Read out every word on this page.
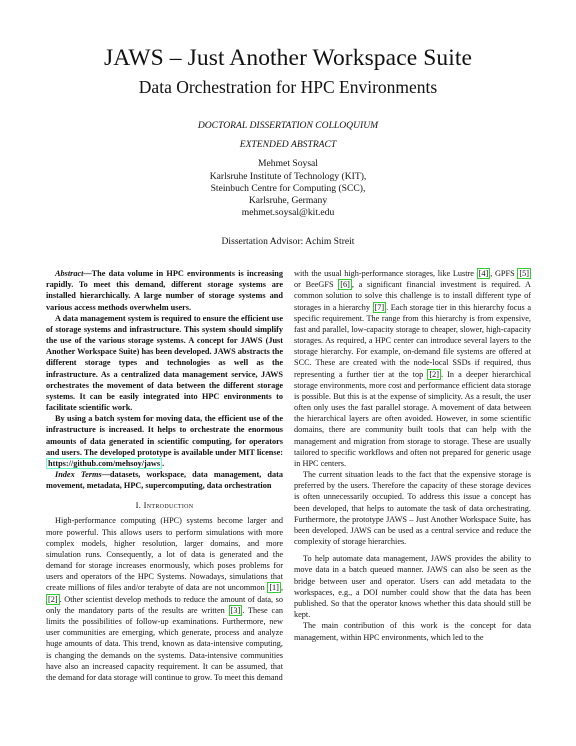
JAWS – Just Another Workspace Suite
Data Orchestration for HPC Environments
DOCTORAL DISSERTATION COLLOQUIUM
EXTENDED ABSTRACT
Mehmet Soysal
Karlsruhe Institute of Technology (KIT),
Steinbuch Centre for Computing (SCC),
Karlsruhe, Germany
mehmet.soysal@kit.edu
Dissertation Advisor: Achim Streit

Abstract—The data volume in HPC environments is increasing rapidly. To meet this demand, different storage systems are installed hierarchically. A large number of storage systems and various access methods overwhelm users.

A data management system is required to ensure the efficient use of storage systems and infrastructure. This system should simplify the use of the various storage systems. A concept for JAWS (Just Another Workspace Suite) has been developed. JAWS abstracts the different storage types and technologies as well as the infrastructure. As a centralized data management service, JAWS orchestrates the movement of data between the different storage systems. It can be easily integrated into HPC environments to facilitate scientific work.

By using a batch system for moving data, the efficient use of the infrastructure is increased. It helps to orchestrate the enormous amounts of data generated in scientific computing, for operators and users. The developed prototype is available under MIT license: https://github.com/mehsoy/jaws .

Index Terms—datasets, workspace, data management, data movement, metadata, HPC, supercomputing, data orchestration

I. Introduction

High-performance computing (HPC) systems become larger and more powerful. This allows users to perform simulations with more complex models, higher resolution, larger domains, and more simulation runs. Consequently, a lot of data is generated and the demand for storage increases enormously, which poses problems for users and operators of the HPC Systems. Nowadays, simulations that create millions of files and/or terabyte of data are not uncommon [1] , [2] . Other scientist develop methods to reduce the amount of data, so only the mandatory parts of the results are written [3] . These can limits the possibilities of follow-up examinations. Furthermore, new user communities are emerging, which generate, process and analyze huge amounts of data. This trend, known as data-intensive computing, is changing the demands on the systems. Data-intensive communities have also an increased capacity requirement. It can be assumed, that the demand for data storage will continue to grow. To meet this demand

with the usual high-performance storages, like Lustre [4] , GPFS [5] or BeeGFS [6] , a significant financial investment is required. A common solution to solve this challenge is to install different type of storages in a hierarchy [7] . Each storage tier in this hierarchy focus a specific requirement. The range from this hierarchy is from expensive, fast and parallel, low-capacity storage to cheaper, slower, high-capacity storages. As required, a HPC center can introduce several layers to the storage hierarchy. For example, on-demand file systems are offered at SCC. These are created with the node-local SSDs if required, thus representing a further tier at the top [2] . In a deeper hierarchical storage environments, more cost and performance efficient data storage is possible. But this is at the expense of simplicity. As a result, the user often only uses the fast parallel storage. A movement of data between the hierarchical layers are often avoided. However, in some scientific domains, there are community built tools that can help with the management and migration from storage to storage. These are usually tailored to specific workflows and often not prepared for generic usage in HPC centers.

The current situation leads to the fact that the expensive storage is preferred by the users. Therefore the capacity of these storage devices is often unnecessarily occupied. To address this issue a concept has been developed, that helps to automate the task of data orchestrating. Furthermore, the prototype JAWS – Just Another Workspace Suite, has been developed. JAWS can be used as a central service and reduce the complexity of storage hierarchies.

To help automate data management, JAWS provides the ability to move data in a batch queued manner. JAWS can also be seen as the bridge between user and operator. Users can add metadata to the workspaces, e.g., a DOI number could show that the data has been published. So that the operator knows whether this data should still be kept.

The main contribution of this work is the concept for data management, within HPC environments, which led to the
